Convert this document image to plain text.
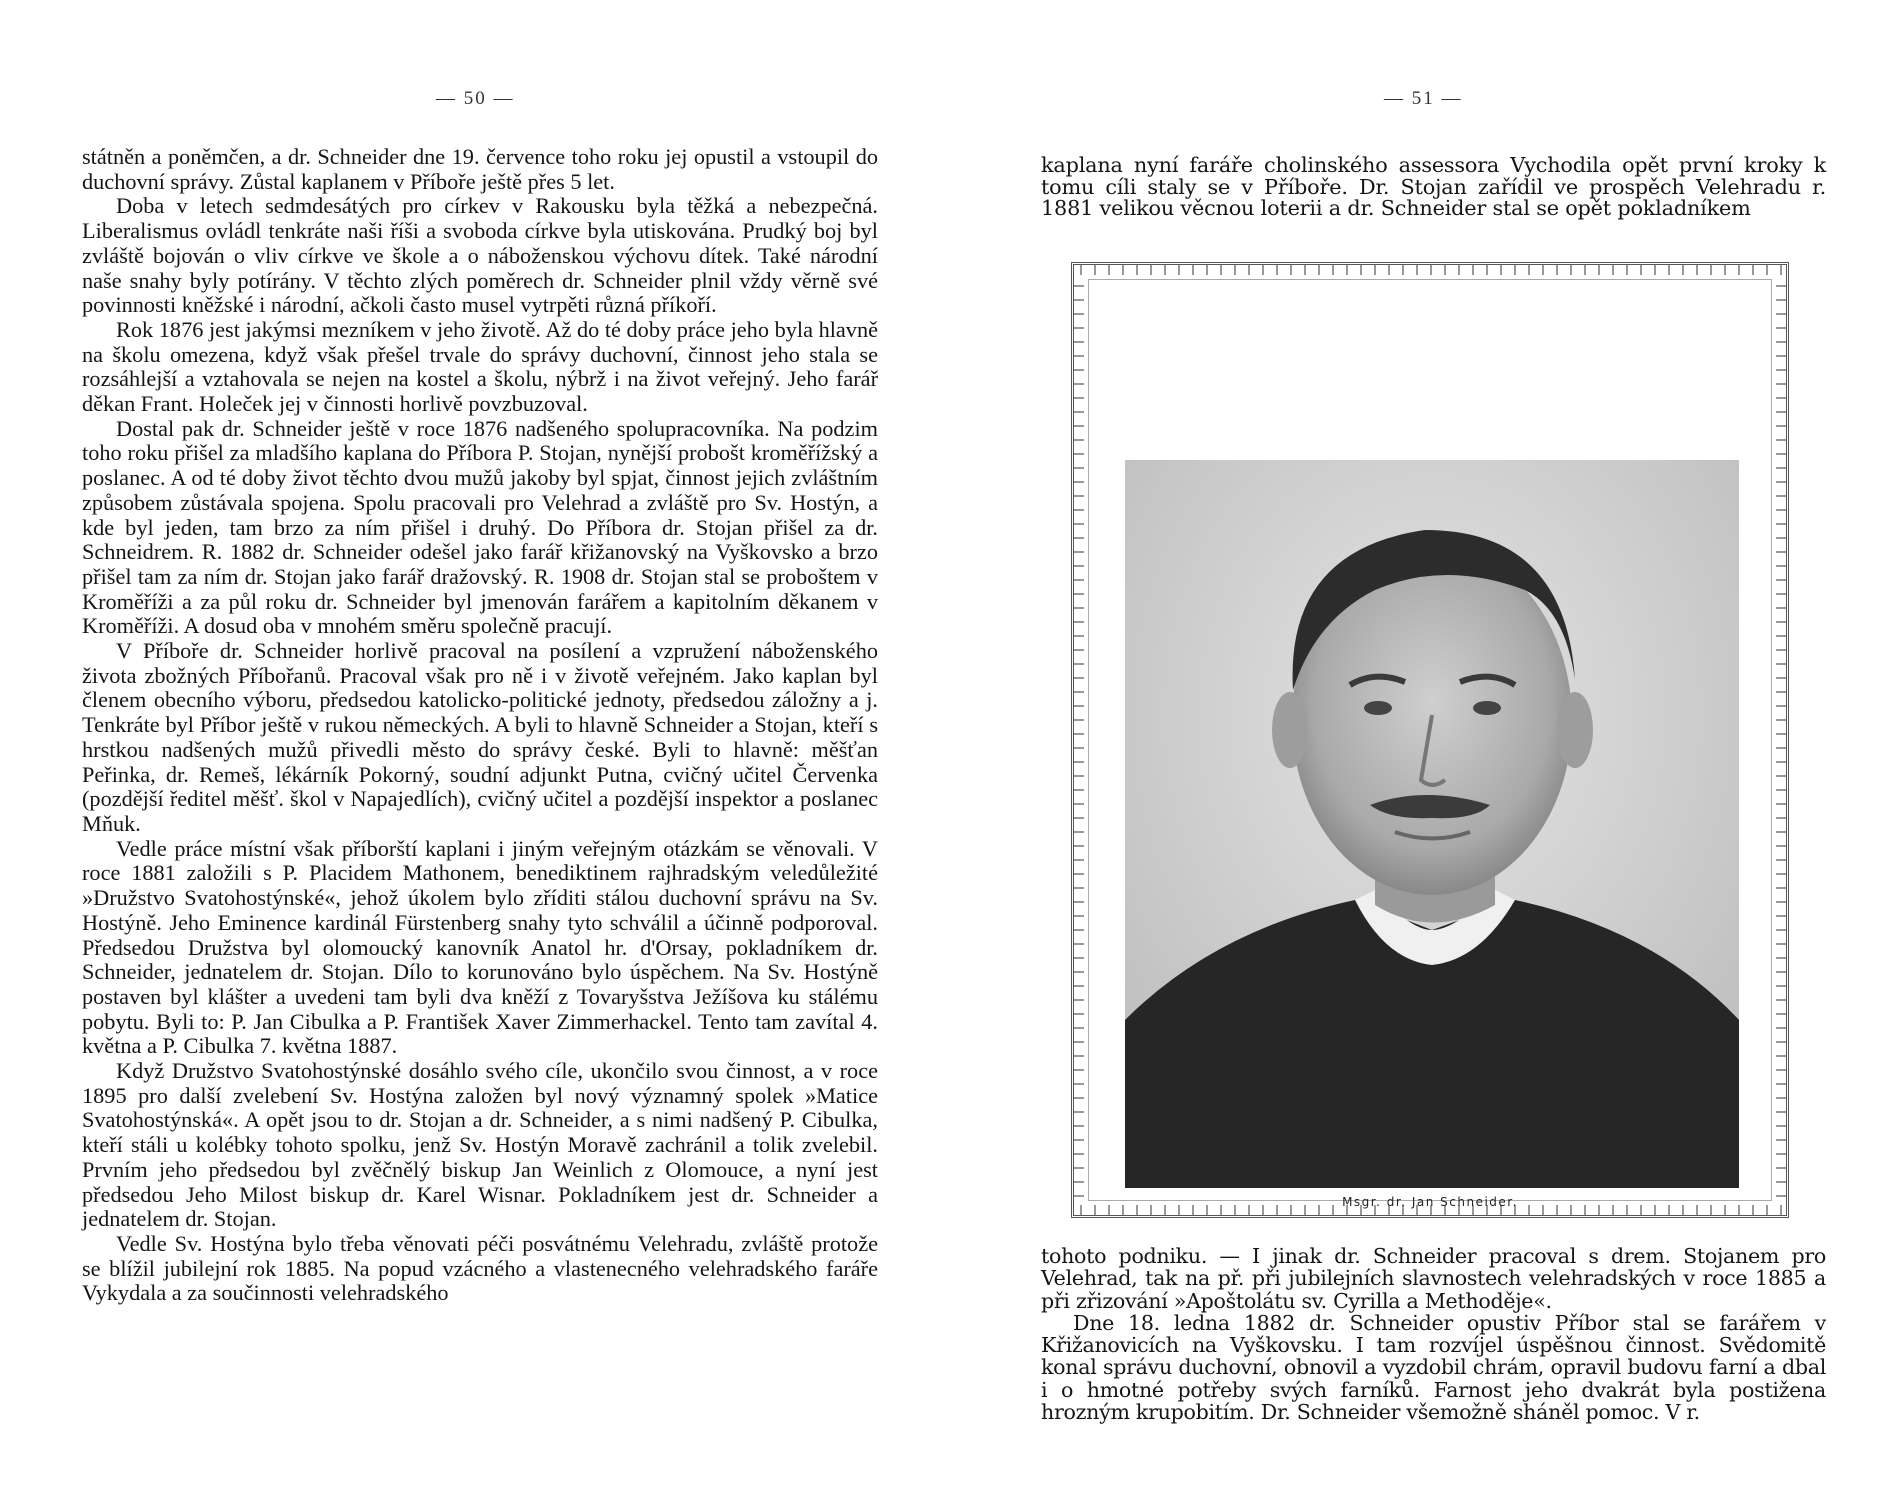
— 50 —

státněn a poněmčen, a dr. Schneider dne 19. července toho roku jej opustil a vstoupil do duchovní správy. Zůstal kaplanem v Příboře ještě přes 5 let.

Doba v letech sedmdesátých pro církev v Rakousku byla těžká a nebezpečná. Liberalismus ovládl tenkráte naši říši a svoboda církve byla utiskována. Prudký boj byl zvláště bojován o vliv církve ve škole a o náboženskou výchovu dítek. Také národní naše snahy byly potírány. V těchto zlých poměrech dr. Schneider plnil vždy věrně své povinnosti kněžské i národní, ačkoli často musel vytrpěti různá příkoří.

Rok 1876 jest jakýmsi mezníkem v jeho životě. Až do té doby práce jeho byla hlavně na školu omezena, když však přešel trvale do správy duchovní, činnost jeho stala se rozsáhlejší a vztahovala se nejen na kostel a školu, nýbrž i na život veřejný. Jeho farář děkan Frant. Holeček jej v činnosti horlivě povzbuzoval.

Dostal pak dr. Schneider ještě v roce 1876 nadšeného spolupracovníka. Na podzim toho roku přišel za mladšího kaplana do Příbora P. Stojan, nynější probošt kroměřížský a poslanec. A od té doby život těchto dvou mužů jakoby byl spjat, činnost jejich zvláštním způsobem zůstávala spojena. Spolu pracovali pro Velehrad a zvláště pro Sv. Hostýn, a kde byl jeden, tam brzo za ním přišel i druhý. Do Příbora dr. Stojan přišel za dr. Schneidrem. R. 1882 dr. Schneider odešel jako farář křižanovský na Vyškovsko a brzo přišel tam za ním dr. Stojan jako farář dražovský. R. 1908 dr. Stojan stal se proboštem v Kroměříži a za půl roku dr. Schneider byl jmenován farářem a kapitolním děkanem v Kroměříži. A dosud oba v mnohém směru společně pracují.

V Příboře dr. Schneider horlivě pracoval na posílení a vzpružení náboženského života zbožných Příbořanů. Pracoval však pro ně i v životě veřejném. Jako kaplan byl členem obecního výboru, předsedou katolicko-politické jednoty, předsedou záložny a j. Tenkráte byl Příbor ještě v rukou německých. A byli to hlavně Schneider a Stojan, kteří s hrstkou nadšených mužů přivedli město do správy české. Byli to hlavně: měšťan Peřinka, dr. Remeš, lékárník Pokorný, soudní adjunkt Putna, cvičný učitel Červenka (pozdější ředitel měšť. škol v Napajedlích), cvičný učitel a pozdější inspektor a poslanec Mňuk.

Vedle práce místní však příborští kaplani i jiným veřejným otázkám se věnovali. V roce 1881 založili s P. Placidem Mathonem, benediktinem rajhradským veledůležité »Družstvo Svatohostýnské«, jehož úkolem bylo zříditi stálou duchovní správu na Sv. Hostýně. Jeho Eminence kardinál Fürstenberg snahy tyto schválil a účinně podporoval. Předsedou Družstva byl olomoucký kanovník Anatol hr. d'Orsay, pokladníkem dr. Schneider, jednatelem dr. Stojan. Dílo to korunováno bylo úspěchem. Na Sv. Hostýně postaven byl klášter a uvedeni tam byli dva kněží z Tovaryšstva Ježíšova ku stálému pobytu. Byli to: P. Jan Cibulka a P. František Xaver Zimmerhackel. Tento tam zavítal 4. května a P. Cibulka 7. května 1887.

Když Družstvo Svatohostýnské dosáhlo svého cíle, ukončilo svou činnost, a v roce 1895 pro další zvelebení Sv. Hostýna založen byl nový významný spolek »Matice Svatohostýnská«. A opět jsou to dr. Stojan a dr. Schneider, a s nimi nadšený P. Cibulka, kteří stáli u kolébky tohoto spolku, jenž Sv. Hostýn Moravě zachránil a tolik zvelebil. Prvním jeho předsedou byl zvěčnělý biskup Jan Weinlich z Olomouce, a nyní jest předsedou Jeho Milost biskup dr. Karel Wisnar. Pokladníkem jest dr. Schneider a jednatelem dr. Stojan.

Vedle Sv. Hostýna bylo třeba věnovati péči posvátnému Velehradu, zvláště protože se blížil jubilejní rok 1885. Na popud vzácného a vlastenecného velehradského faráře Vykydala a za součinnosti velehradského

— 51 —

kaplana nyní faráře cholinského assessora Vychodila opět první kroky k tomu cíli staly se v Příboře. Dr. Stojan zařídil ve prospěch Velehradu r. 1881 velikou věcnou loterii a dr. Schneider stal se opět pokladníkem

Msgr. dr. Jan Schneider.

tohoto podniku. — I jinak dr. Schneider pracoval s drem. Stojanem pro Velehrad, tak na př. při jubilejních slavnostech velehradských v roce 1885 a při zřizování »Apoštolátu sv. Cyrilla a Methoděje«.

Dne 18. ledna 1882 dr. Schneider opustiv Příbor stal se farářem v Křižanovicích na Vyškovsku. I tam rozvíjel úspěšnou činnost. Svědomitě konal správu duchovní, obnovil a vyzdobil chrám, opravil budovu farní a dbal i o hmotné potřeby svých farníků. Farnost jeho dvakrát byla postižena hrozným krupobitím. Dr. Schneider všemožně sháněl pomoc. V r.
